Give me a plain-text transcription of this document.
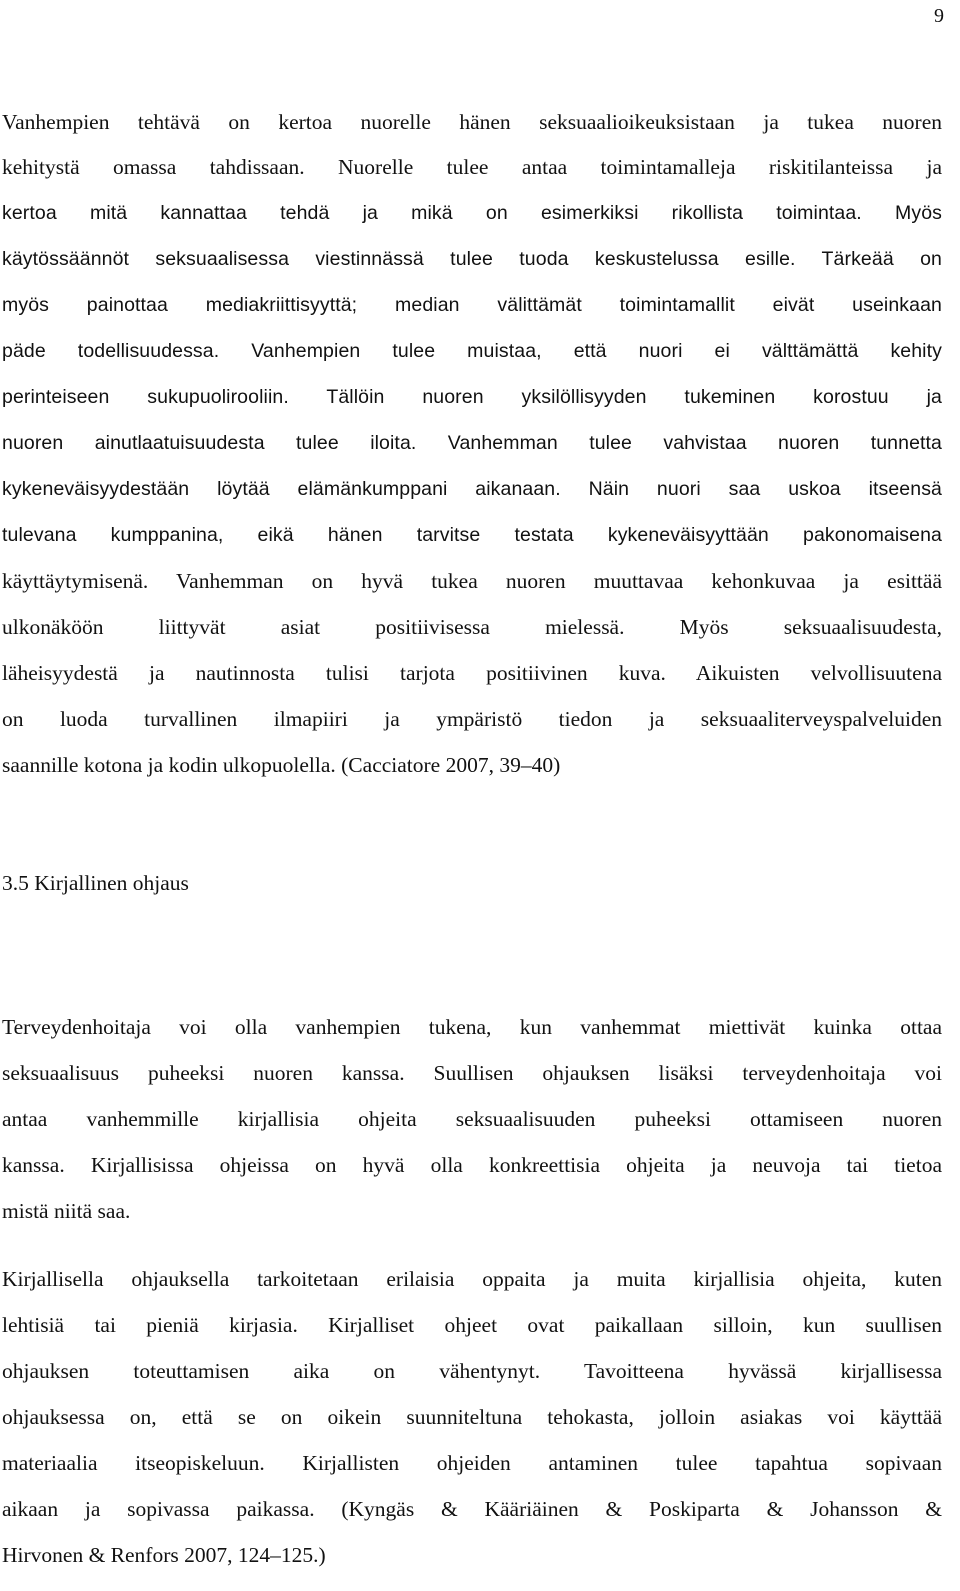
9
Vanhempien tehtävä on kertoa nuorelle hänen seksuaalioikeuksistaan ja tukea nuoren
kehitystä omassa tahdissaan. Nuorelle tulee antaa toimintamalleja riskitilanteissa ja
kertoa mitä kannattaa tehdä ja mikä on esimerkiksi rikollista toimintaa. Myös
käytössäännöt seksuaalisessa viestinnässä tulee tuoda keskustelussa esille. Tärkeää on
myös painottaa mediakriittisyyttä; median välittämät toimintamallit eivät useinkaan
päde todellisuudessa. Vanhempien tulee muistaa, että nuori ei välttämättä kehity
perinteiseen sukupuolirooliin. Tällöin nuoren yksilöllisyyden tukeminen korostuu ja
nuoren ainutlaatuisuudesta tulee iloita. Vanhemman tulee vahvistaa nuoren tunnetta
kykeneväisyydestään löytää elämänkumppani aikanaan. Näin nuori saa uskoa itseensä
tulevana kumppanina, eikä hänen tarvitse testata kykeneväisyyttään pakonomaisena
käyttäytymisenä. Vanhemman on hyvä tukea nuoren muuttavaa kehonkuvaa ja esittää
ulkonäköön liittyvät asiat positiivisessa mielessä. Myös seksuaalisuudesta,
läheisyydestä ja nautinnosta tulisi tarjota positiivinen kuva. Aikuisten velvollisuutena
on luoda turvallinen ilmapiiri ja ympäristö tiedon ja seksuaaliterveyspalveluiden
saannille kotona ja kodin ulkopuolella. (Cacciatore 2007, 39–40)
3.5 Kirjallinen ohjaus
Terveydenhoitaja voi olla vanhempien tukena, kun vanhemmat miettivät kuinka ottaa
seksuaalisuus puheeksi nuoren kanssa. Suullisen ohjauksen lisäksi terveydenhoitaja voi
antaa vanhemmille kirjallisia ohjeita seksuaalisuuden puheeksi ottamiseen nuoren
kanssa. Kirjallisissa ohjeissa on hyvä olla konkreettisia ohjeita ja neuvoja tai tietoa
mistä niitä saa.
Kirjallisella ohjauksella tarkoitetaan erilaisia oppaita ja muita kirjallisia ohjeita, kuten
lehtisiä tai pieniä kirjasia. Kirjalliset ohjeet ovat paikallaan silloin, kun suullisen
ohjauksen toteuttamisen aika on vähentynyt. Tavoitteena hyvässä kirjallisessa
ohjauksessa on, että se on oikein suunniteltuna tehokasta, jolloin asiakas voi käyttää
materiaalia itseopiskeluun. Kirjallisten ohjeiden antaminen tulee tapahtua sopivaan
aikaan ja sopivassa paikassa. (Kyngäs & Kääriäinen & Poskiparta & Johansson &
Hirvonen & Renfors 2007, 124–125.)
